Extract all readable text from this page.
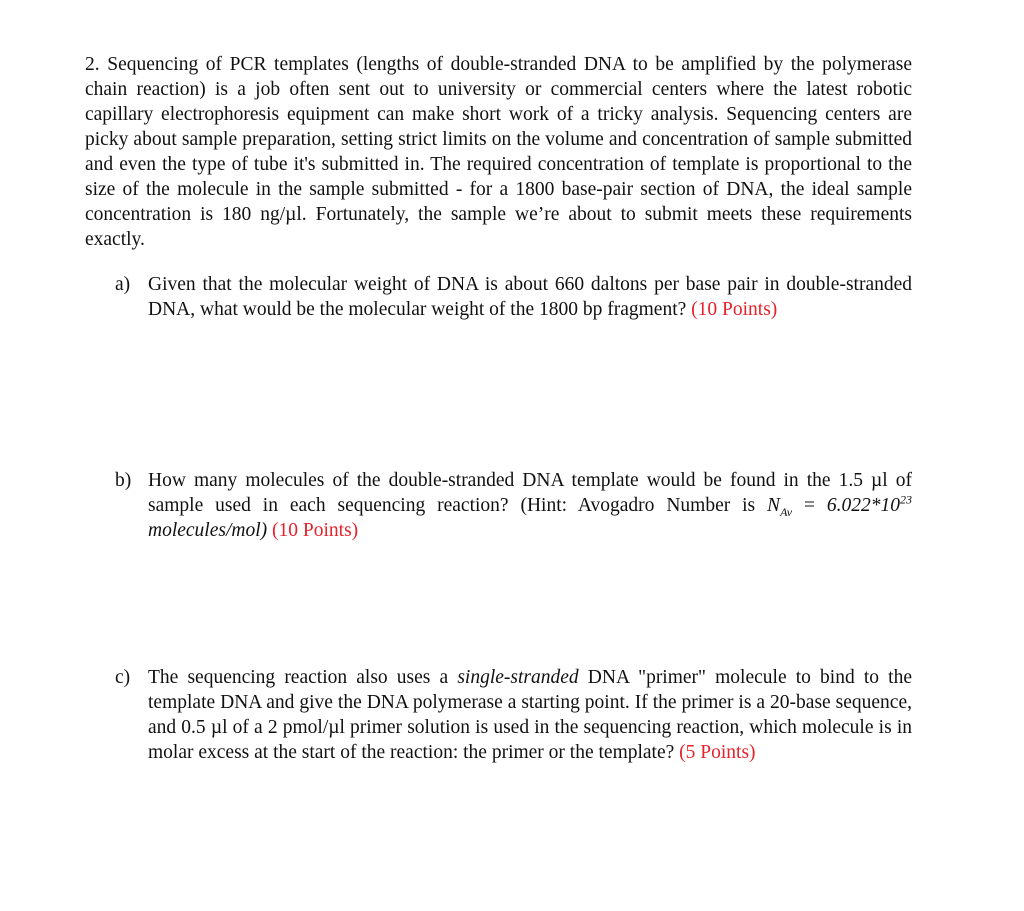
2. Sequencing of PCR templates (lengths of double-stranded DNA to be amplified by the polymerase chain reaction) is a job often sent out to university or commercial centers where the latest robotic capillary electrophoresis equipment can make short work of a tricky analysis. Sequencing centers are picky about sample preparation, setting strict limits on the volume and concentration of sample submitted and even the type of tube it's submitted in. The required concentration of template is proportional to the size of the molecule in the sample submitted - for a 1800 base-pair section of DNA, the ideal sample concentration is 180 ng/µl. Fortunately, the sample we’re about to submit meets these requirements exactly.

a) Given that the molecular weight of DNA is about 660 daltons per base pair in double-stranded DNA, what would be the molecular weight of the 1800 bp fragment? (10 Points)

b) How many molecules of the double-stranded DNA template would be found in the 1.5 µl of sample used in each sequencing reaction? (Hint: Avogadro Number is $N_{Av} = 6.022*10^{23}$ molecules/mol) (10 Points)

c) The sequencing reaction also uses a single-stranded DNA "primer" molecule to bind to the template DNA and give the DNA polymerase a starting point. If the primer is a 20-base sequence, and 0.5 µl of a 2 pmol/µl primer solution is used in the sequencing reaction, which molecule is in molar excess at the start of the reaction: the primer or the template? (5 Points)
